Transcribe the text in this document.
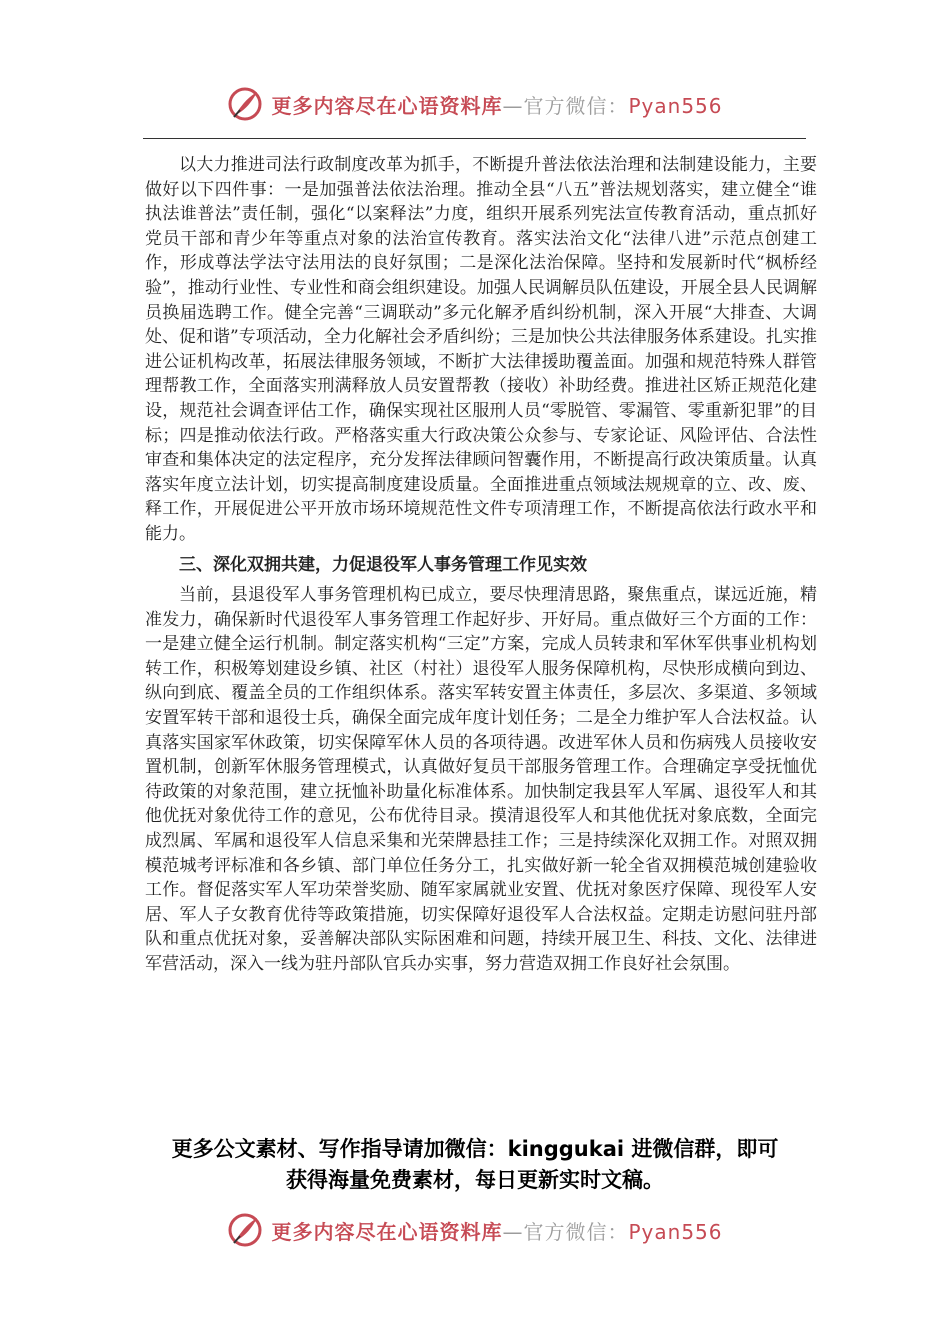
更多内容尽在心语资料库—官方微信：Pyan556

以大力推进司法行政制度改革为抓手，不断提升普法依法治理和法制建设能力，主要做好以下四件事：一是加强普法依法治理。推动全县“八五”普法规划落实，建立健全“谁执法谁普法”责任制，强化“以案释法”力度，组织开展系列宪法宣传教育活动，重点抓好党员干部和青少年等重点对象的法治宣传教育。落实法治文化“法律八进”示范点创建工作，形成尊法学法守法用法的良好氛围；二是深化法治保障。坚持和发展新时代“枫桥经验”，推动行业性、专业性和商会组织建设。加强人民调解员队伍建设，开展全县人民调解员换届选聘工作。健全完善“三调联动”多元化解矛盾纠纷机制，深入开展“大排查、大调处、促和谐”专项活动，全力化解社会矛盾纠纷；三是加快公共法律服务体系建设。扎实推进公证机构改革，拓展法律服务领域，不断扩大法律援助覆盖面。加强和规范特殊人群管理帮教工作，全面落实刑满释放人员安置帮教（接收）补助经费。推进社区矫正规范化建设，规范社会调查评估工作，确保实现社区服刑人员“零脱管、零漏管、零重新犯罪”的目标；四是推动依法行政。严格落实重大行政决策公众参与、专家论证、风险评估、合法性审查和集体决定的法定程序，充分发挥法律顾问智囊作用，不断提高行政决策质量。认真落实年度立法计划，切实提高制度建设质量。全面推进重点领域法规规章的立、改、废、释工作，开展促进公平开放市场环境规范性文件专项清理工作，不断提高依法行政水平和能力。

三、深化双拥共建，力促退役军人事务管理工作见实效

当前，县退役军人事务管理机构已成立，要尽快理清思路，聚焦重点，谋远近施，精准发力，确保新时代退役军人事务管理工作起好步、开好局。重点做好三个方面的工作：一是建立健全运行机制。制定落实机构“三定”方案，完成人员转隶和军休军供事业机构划转工作，积极筹划建设乡镇、社区（村社）退役军人服务保障机构，尽快形成横向到边、纵向到底、覆盖全员的工作组织体系。落实军转安置主体责任，多层次、多渠道、多领域安置军转干部和退役士兵，确保全面完成年度计划任务；二是全力维护军人合法权益。认真落实国家军休政策，切实保障军休人员的各项待遇。改进军休人员和伤病残人员接收安置机制，创新军休服务管理模式，认真做好复员干部服务管理工作。合理确定享受抚恤优待政策的对象范围，建立抚恤补助量化标准体系。加快制定我县军人军属、退役军人和其他优抚对象优待工作的意见，公布优待目录。摸清退役军人和其他优抚对象底数，全面完成烈属、军属和退役军人信息采集和光荣牌悬挂工作；三是持续深化双拥工作。对照双拥模范城考评标准和各乡镇、部门单位任务分工，扎实做好新一轮全省双拥模范城创建验收工作。督促落实军人军功荣誉奖励、随军家属就业安置、优抚对象医疗保障、现役军人安居、军人子女教育优待等政策措施，切实保障好退役军人合法权益。定期走访慰问驻丹部队和重点优抚对象，妥善解决部队实际困难和问题，持续开展卫生、科技、文化、法律进军营活动，深入一线为驻丹部队官兵办实事，努力营造双拥工作良好社会氛围。

更多公文素材、写作指导请加微信：kinggukai 进微信群，即可
获得海量免费素材，每日更新实时文稿。
更多内容尽在心语资料库—官方微信：Pyan556
